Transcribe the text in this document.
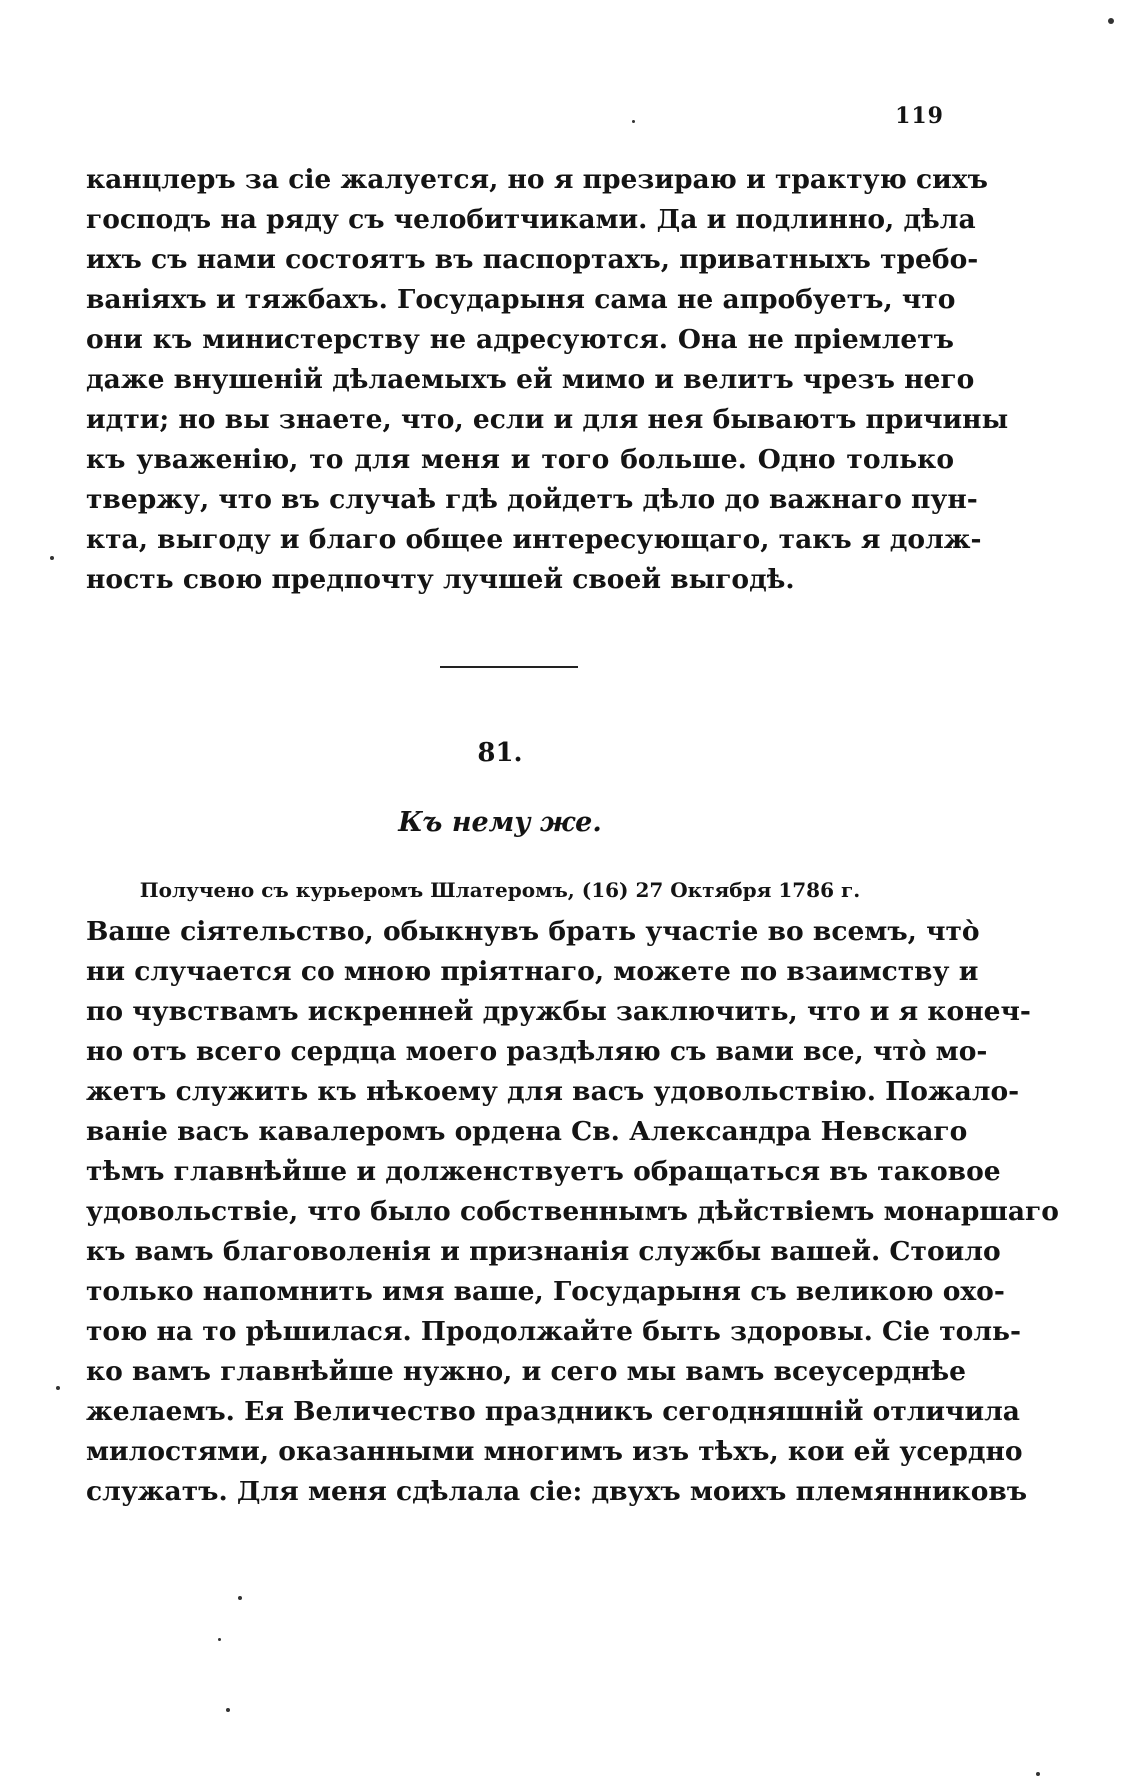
119
канцлеръ за сіе жалуется, но я презираю и трактую сихъ
господъ на ряду съ челобитчиками. Да и подлинно, дѣла
ихъ съ нами состоятъ въ паспортахъ, приватныхъ требо-
ваніяхъ и тяжбахъ. Государыня сама не апробуетъ, что
они къ министерству не адресуются. Она не пріемлетъ
даже внушеній дѣлаемыхъ ей мимо и велитъ чрезъ него
идти; но вы знаете, что, если и для нея бываютъ причины
къ уваженію, то для меня и того больше. Одно только
твержу, что въ случаѣ гдѣ дойдетъ дѣло до важнаго пун-
кта, выгоду и благо общее интересующаго, такъ я долж-
ность свою предпочту лучшей своей выгодѣ.
81.
Къ нему же.
Получено съ курьеромъ Шлатеромъ, (16) 27 Октября 1786 г.
Ваше сіятельство, обыкнувъ брать участіе во всемъ, что̀
ни случается со мною пріятнаго, можете по взаимству и
по чувствамъ искренней дружбы заключить, что и я конеч-
но отъ всего сердца моего раздѣляю съ вами все, что̀ мо-
жетъ служить къ нѣкоему для васъ удовольствію. Пожало-
ваніе васъ кавалеромъ ордена Св. Александра Невскаго
тѣмъ главнѣйше и долженствуетъ обращаться въ таковое
удовольствіе, что было собственнымъ дѣйствіемъ монаршаго
къ вамъ благоволенія и признанія службы вашей. Стоило
только напомнить имя ваше, Государыня съ великою охо-
тою на то рѣшилася. Продолжайте быть здоровы. Сіе толь-
ко вамъ главнѣйше нужно, и сего мы вамъ всеусерднѣе
желаемъ. Ея Величество праздникъ сегодняшній отличила
милостями, оказанными многимъ изъ тѣхъ, кои ей усердно
служатъ. Для меня сдѣлала сіе: двухъ моихъ племянниковъ
